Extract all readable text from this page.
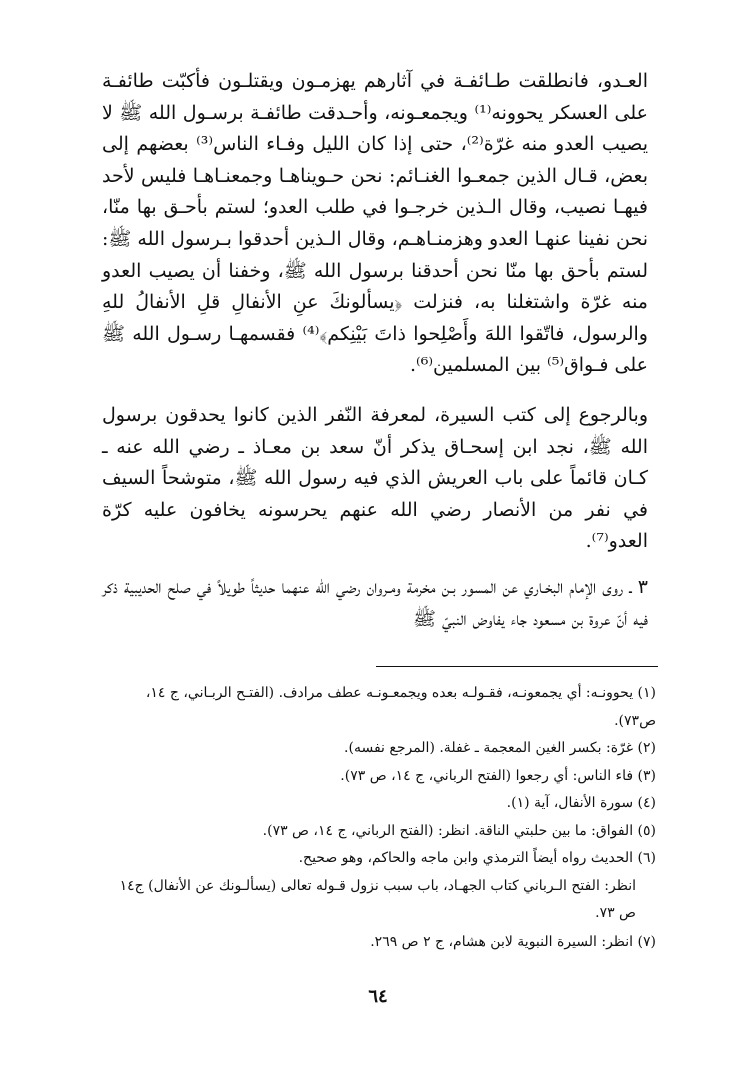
العـدو، فانطلقت طـائفـة في آثارهم يهزمـون ويقتلـون فأكبّت طائفـة على العسكر يحوونه⁽¹⁾ ويجمعـونه، وأحـدقت طائفـة برسـول الله ﷺ لا يصيب العدو منه غرّة⁽²⁾، حتى إذا كان الليل وفـاء الناس⁽³⁾ بعضهم إلى بعض، قـال الذين جمعـوا الغنـائم: نحن حـويناهـا وجمعنـاهـا فليس لأحد فيهـا نصيب، وقال الـذين خرجـوا في طلب العدو؛ لستم بأحـق بها منّا، نحن نفينا عنهـا العدو وهزمنـاهـم، وقال الـذين أحدقوا بـرسول الله ﷺ: لستم بأحق بها منّا نحن أحدقنا برسول الله ﷺ، وخفنا أن يصيب العدو منه غرّة واشتغلنا به، فنزلت ﴿يسألونكَ عنِ الأنفالِ قلِ الأنفالُ للهِ والرسول، فاتّقوا اللهَ وأَصْلِحوا ذاتَ بَيْنِكم﴾⁽⁴⁾ فقسمهـا رسـول الله ﷺ على فـواق⁽⁵⁾ بين المسلمين⁽⁶⁾.

وبالرجوع إلى كتب السيرة، لمعرفة النّفر الذين كانوا يحدقون برسول الله ﷺ، نجد ابن إسحـاق يذكر أنّ سعد بن معـاذ ـ رضي الله عنه ـ كـان قائماً على باب العريش الذي فيه رسول الله ﷺ، متوشحاً السيف في نفر من الأنصار رضي الله عنهم يحرسونه يخافون عليه كرّة العدو⁽⁷⁾.

٣ ـ روى الإمام البخـاري عن المسور بـن مخرمة ومـروان رضي الله عنهما حديثاً طويلاً في صلح الحديبية ذكر فيه أنّ عروة بن مسعود جاء يفاوض النبيّ ﷺ

(١) يحوونـه: أي يجمعونـه، فقـولـه بعده ويجمعـونـه عطف مرادف. (الفتـح الربـاني، ج ١٤، ص٧٣).

(٢) غرّة: بكسر الغين المعجمة ـ غفلة. (المرجع نفسه).

(٣) فاء الناس: أي رجعوا (الفتح الرباني، ج ١٤، ص ٧٣).

(٤) سورة الأنفال، آية (١).

(٥) الفواق: ما بين حلبتي الناقة. انظر: (الفتح الرباني، ج ١٤، ص ٧٣).

(٦) الحديث رواه أيضاً الترمذي وابن ماجه والحاكم، وهو صحيح.

انظر: الفتح الـرباني كتاب الجهـاد، باب سبب نزول قـوله تعالى (يسألـونك عن الأنفال) ج١٤ ص ٧٣.

(٧) انظر: السيرة النبوية لابن هشام، ج ٢ ص ٢٦٩.

٦٤
